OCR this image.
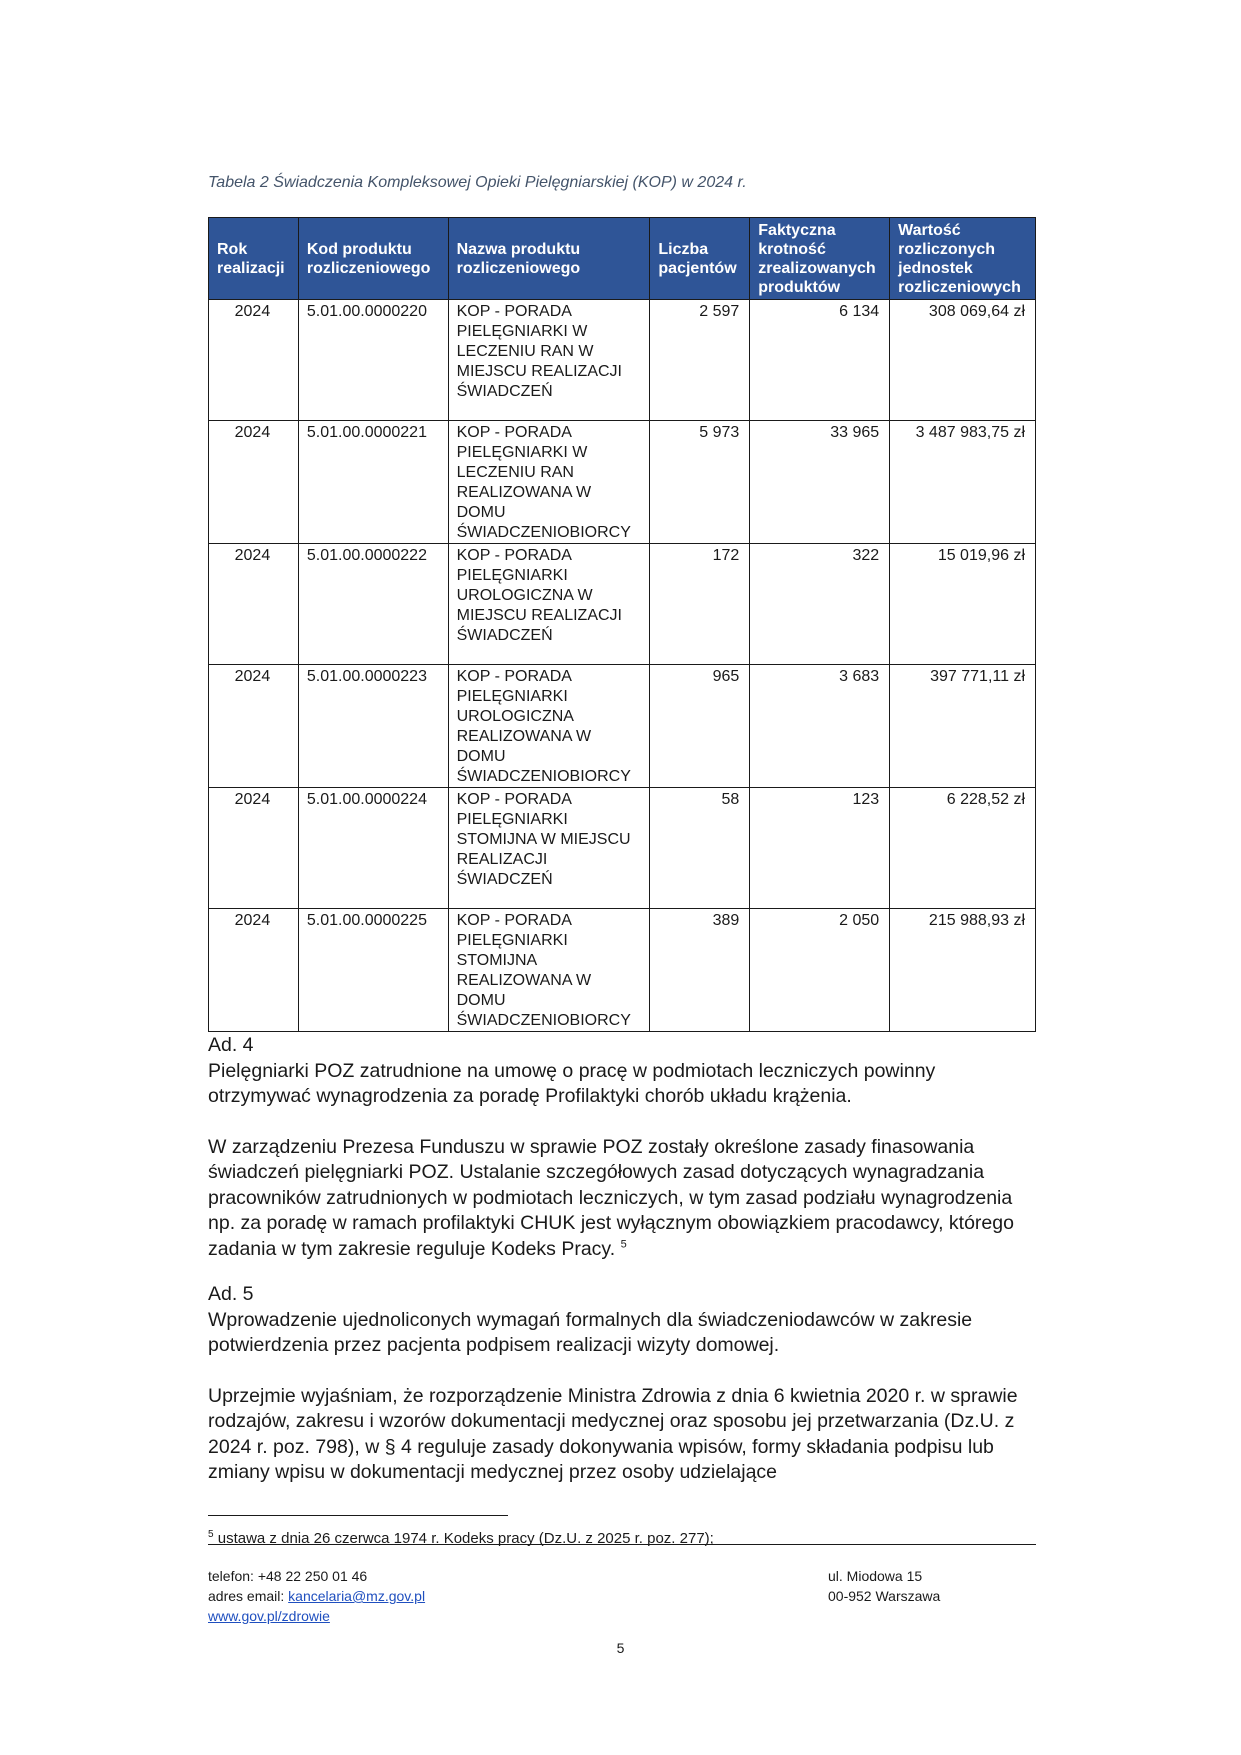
Tabela 2 Świadczenia Kompleksowej Opieki Pielęgniarskiej (KOP) w 2024 r.
Rok realizacji	Kod produktu rozliczeniowego	Nazwa produktu rozliczeniowego	Liczba pacjentów	Faktyczna krotność zrealizowanych produktów	Wartość rozliczonych jednostek rozliczeniowych
2024	5.01.00.0000220	KOP - PORADA PIELĘGNIARKI W LECZENIU RAN W MIEJSCU REALIZACJI ŚWIADCZEŃ	2 597	6 134	308 069,64 zł
2024	5.01.00.0000221	KOP - PORADA PIELĘGNIARKI W LECZENIU RAN REALIZOWANA W DOMU ŚWIADCZENIOBIORCY	5 973	33 965	3 487 983,75 zł
2024	5.01.00.0000222	KOP - PORADA PIELĘGNIARKI UROLOGICZNA W MIEJSCU REALIZACJI ŚWIADCZEŃ	172	322	15 019,96 zł
2024	5.01.00.0000223	KOP - PORADA PIELĘGNIARKI UROLOGICZNA REALIZOWANA W DOMU ŚWIADCZENIOBIORCY	965	3 683	397 771,11 zł
2024	5.01.00.0000224	KOP - PORADA PIELĘGNIARKI STOMIJNA W MIEJSCU REALIZACJI ŚWIADCZEŃ	58	123	6 228,52 zł
2024	5.01.00.0000225	KOP - PORADA PIELĘGNIARKI STOMIJNA REALIZOWANA W DOMU ŚWIADCZENIOBIORCY	389	2 050	215 988,93 zł

Ad. 4

Pielęgniarki POZ zatrudnione na umowę o pracę w podmiotach leczniczych powinny otrzymywać wynagrodzenia za poradę Profilaktyki chorób układu krążenia.

W zarządzeniu Prezesa Funduszu w sprawie POZ zostały określone zasady finasowania świadczeń pielęgniarki POZ. Ustalanie szczegółowych zasad dotyczących wynagradzania pracowników zatrudnionych w podmiotach leczniczych, w tym zasad podziału wynagrodzenia np. za poradę w ramach profilaktyki CHUK jest wyłącznym obowiązkiem pracodawcy, którego zadania w tym zakresie reguluje Kodeks Pracy. $^5$

Ad. 5

Wprowadzenie ujednoliconych wymagań formalnych dla świadczeniodawców w zakresie potwierdzenia przez pacjenta podpisem realizacji wizyty domowej.

Uprzejmie wyjaśniam, że rozporządzenie Ministra Zdrowia z dnia 6 kwietnia 2020 r. w sprawie rodzajów, zakresu i wzorów dokumentacji medycznej oraz sposobu jej przetwarzania (Dz.U. z 2024 r. poz. 798), w § 4 reguluje zasady dokonywania wpisów, formy składania podpisu lub zmiany wpisu w dokumentacji medycznej przez osoby udzielające

$^5$ ustawa z dnia 26 czerwca 1974 r. Kodeks pracy (Dz.U. z 2025 r. poz. 277);
telefon: +48 22 250 01 46
adres email: kancelaria@mz.gov.pl
www.gov.pl/zdrowie
ul. Miodowa 15
00-952 Warszawa
5
